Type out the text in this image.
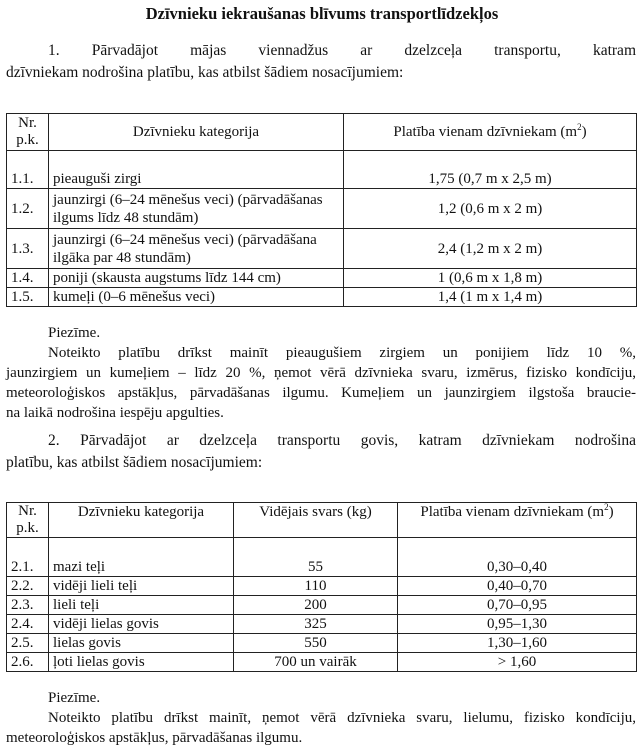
Dzīvnieku iekraušanas blīvums transportlīdzekļos
1. Pārvadājot mājas viennadžus ar dzelzceļa transportu, katram
dzīvniekam nodrošina platību, kas atbilst šādiem nosacījumiem:
Nr. p.k.	Dzīvnieku kategorija	Platība vienam dzīvniekam $(m^2)$
1.1.	pieauguši zirgi	1,75 (0,7 m x 2,5 m)
1.2.	jaunzirgi (6–24 mēnešus veci) (pārvadāšanas ilgums līdz 48 stundām)	1,2 (0,6 m x 2 m)
1.3.	jaunzirgi (6–24 mēnešus veci) (pārvadāšana ilgāka par 48 stundām)	2,4 (1,2 m x 2 m)
1.4.	poniji (skausta augstums līdz 144 cm)	1 (0,6 m x 1,8 m)
1.5.	kumeļi (0–6 mēnešus veci)	1,4 (1 m x 1,4 m)
Piezīme.
Noteikto platību drīkst mainīt pieaugušiem zirgiem un ponijiem līdz 10 %,
jaunzirgiem un kumeļiem – līdz 20 %, ņemot vērā dzīvnieka svaru, izmērus, fizisko kondīciju,
meteoroloģiskos apstākļus, pārvadāšanas ilgumu. Kumeļiem un jaunzirgiem ilgstoša braucie-
na laikā nodrošina iespēju apgulties.
2. Pārvadājot ar dzelzceļa transportu govis, katram dzīvniekam nodrošina
platību, kas atbilst šādiem nosacījumiem:
Nr. p.k.	Dzīvnieku kategorija	Vidējais svars (kg)	Platība vienam dzīvniekam $(m^2)$
2.1.	mazi teļi	55	0,30–0,40
2.2.	vidēji lieli teļi	110	0,40–0,70
2.3.	lieli teļi	200	0,70–0,95
2.4.	vidēji lielas govis	325	0,95–1,30
2.5.	lielas govis	550	1,30–1,60
2.6.	ļoti lielas govis	700 un vairāk	> 1,60
Piezīme.
Noteikto platību drīkst mainīt, ņemot vērā dzīvnieka svaru, lielumu, fizisko kondīciju,
meteoroloģiskos apstākļus, pārvadāšanas ilgumu.
